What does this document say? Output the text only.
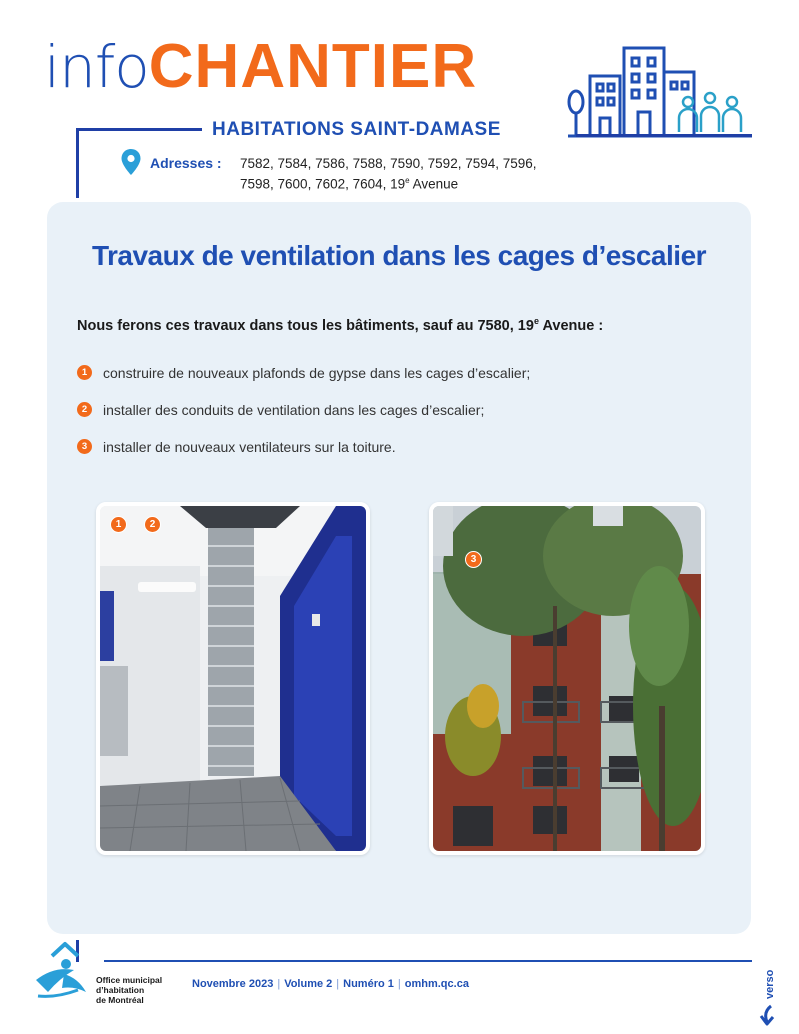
infoCHANTIER
HABITATIONS SAINT-DAMASE
Adresses : 7582, 7584, 7586, 7588, 7590, 7592, 7594, 7596,
7598, 7600, 7602, 7604, 19e Avenue
Travaux de ventilation dans les cages d’escalier

Nous ferons ces travaux dans tous les bâtiments, sauf au 7580, 19e Avenue :

1	construire de nouveaux plafonds de gypse dans les cages d’escalier;
2	installer des conduits de ventilation dans les cages d’escalier;
3	installer de nouveaux ventilateurs sur la toiture.
1	2
3
Office municipal
d’habitation
de Montréal
Novembre 2023 | Volume 2 | Numéro 1 | omhm.qc.ca	verso
